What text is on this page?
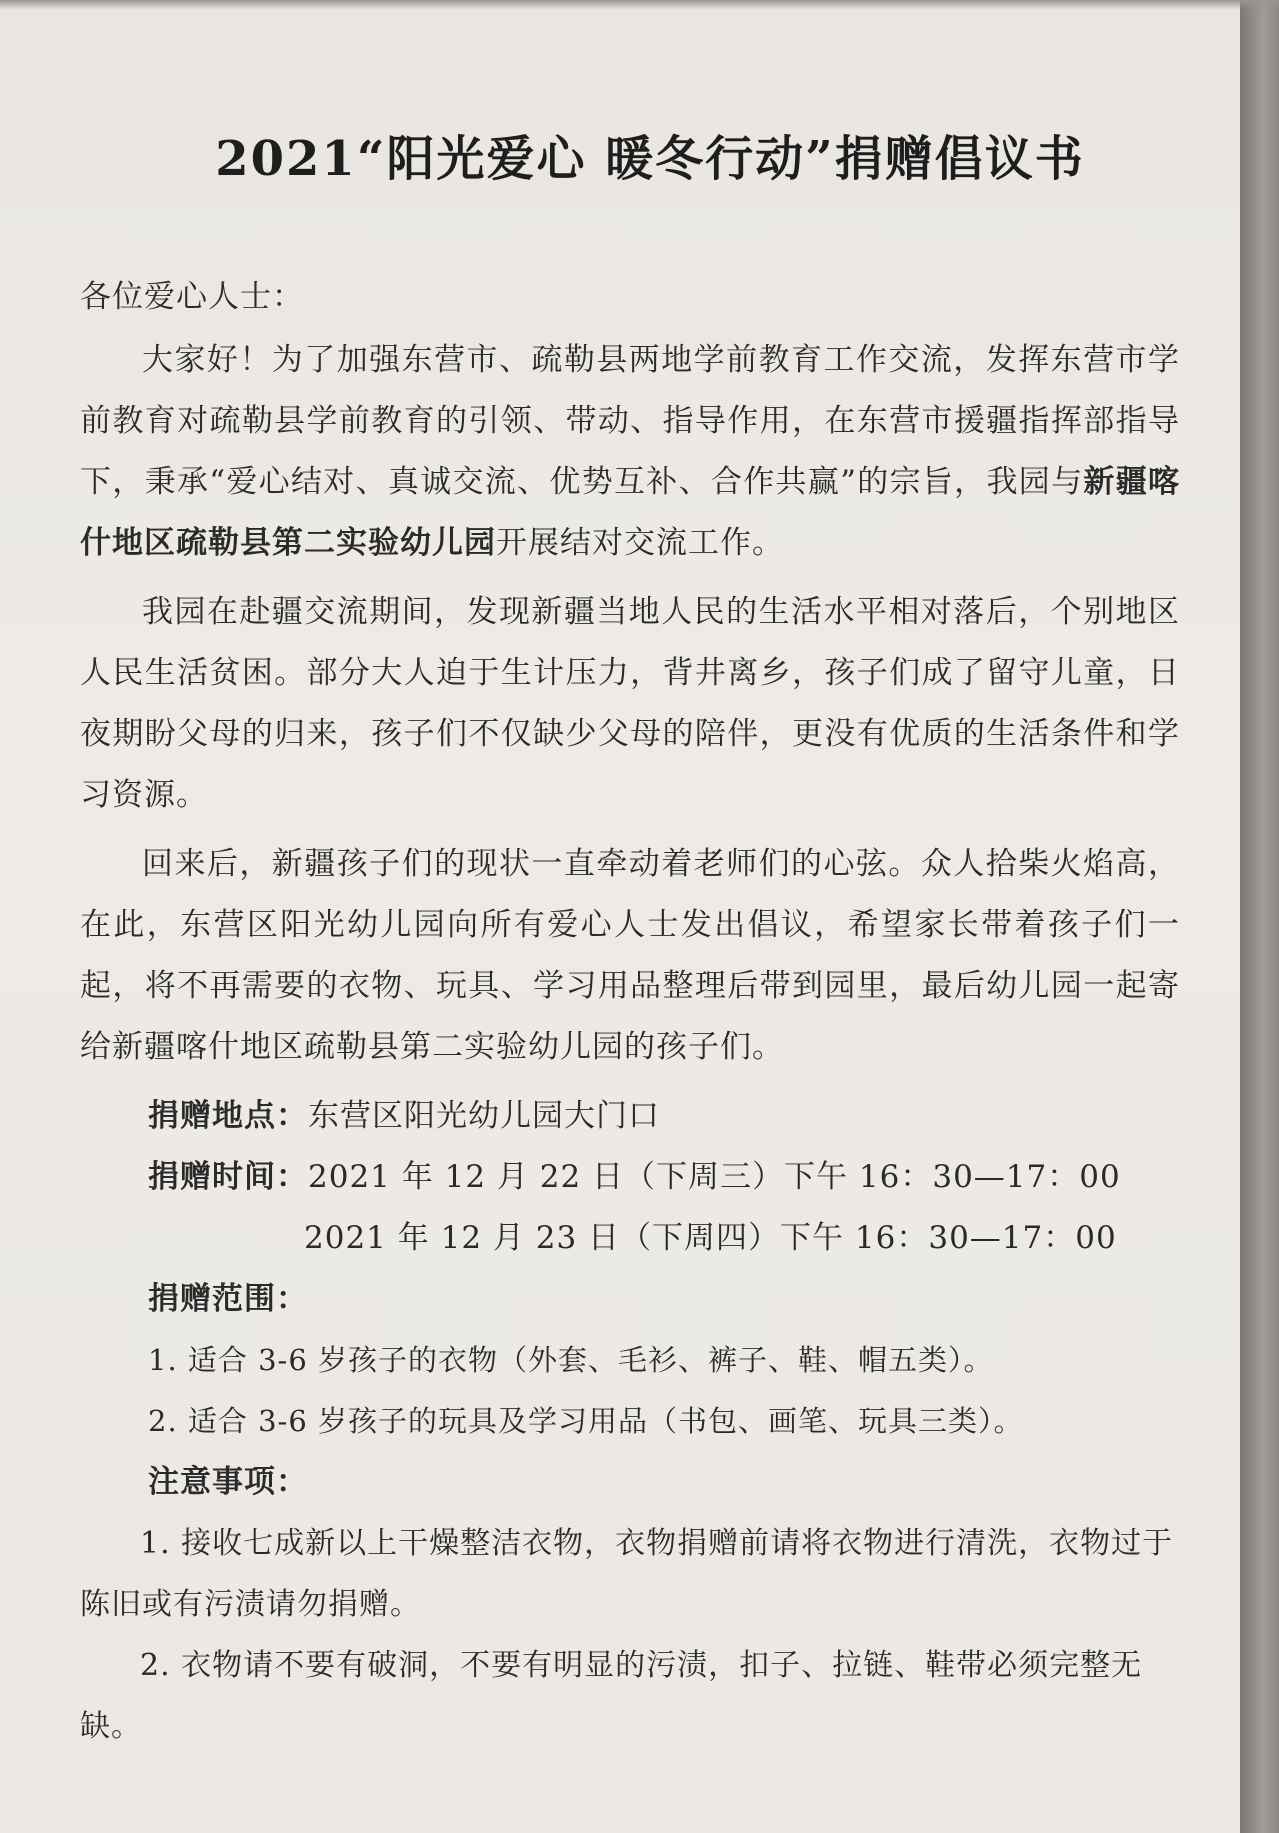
2021“阳光爱心 暖冬行动”捐赠倡议书
各位爱心人士：

大家好！为了加强东营市、疏勒县两地学前教育工作交流，发挥东营市学前教育对疏勒县学前教育的引领、带动、指导作用，在东营市援疆指挥部指导下，秉承“爱心结对、真诚交流、优势互补、合作共赢”的宗旨，我园与新疆喀什地区疏勒县第二实验幼儿园开展结对交流工作。

我园在赴疆交流期间，发现新疆当地人民的生活水平相对落后，个别地区人民生活贫困。部分大人迫于生计压力，背井离乡，孩子们成了留守儿童，日夜期盼父母的归来，孩子们不仅缺少父母的陪伴，更没有优质的生活条件和学习资源。

回来后，新疆孩子们的现状一直牵动着老师们的心弦。众人拾柴火焰高，在此，东营区阳光幼儿园向所有爱心人士发出倡议，希望家长带着孩子们一起，将不再需要的衣物、玩具、学习用品整理后带到园里，最后幼儿园一起寄给新疆喀什地区疏勒县第二实验幼儿园的孩子们。

捐赠地点：东营区阳光幼儿园大门口
捐赠时间：2021 年 12 月 22 日（下周三）下午 16：30—17：00
2021 年 12 月 23 日（下周四）下午 16：30—17：00
捐赠范围：
1. 适合 3-6 岁孩子的衣物（外套、毛衫、裤子、鞋、帽五类）。
2. 适合 3-6 岁孩子的玩具及学习用品（书包、画笔、玩具三类）。
注意事项：

1. 接收七成新以上干燥整洁衣物，衣物捐赠前请将衣物进行清洗，衣物过于陈旧或有污渍请勿捐赠。

2. 衣物请不要有破洞，不要有明显的污渍，扣子、拉链、鞋带必须完整无缺。
